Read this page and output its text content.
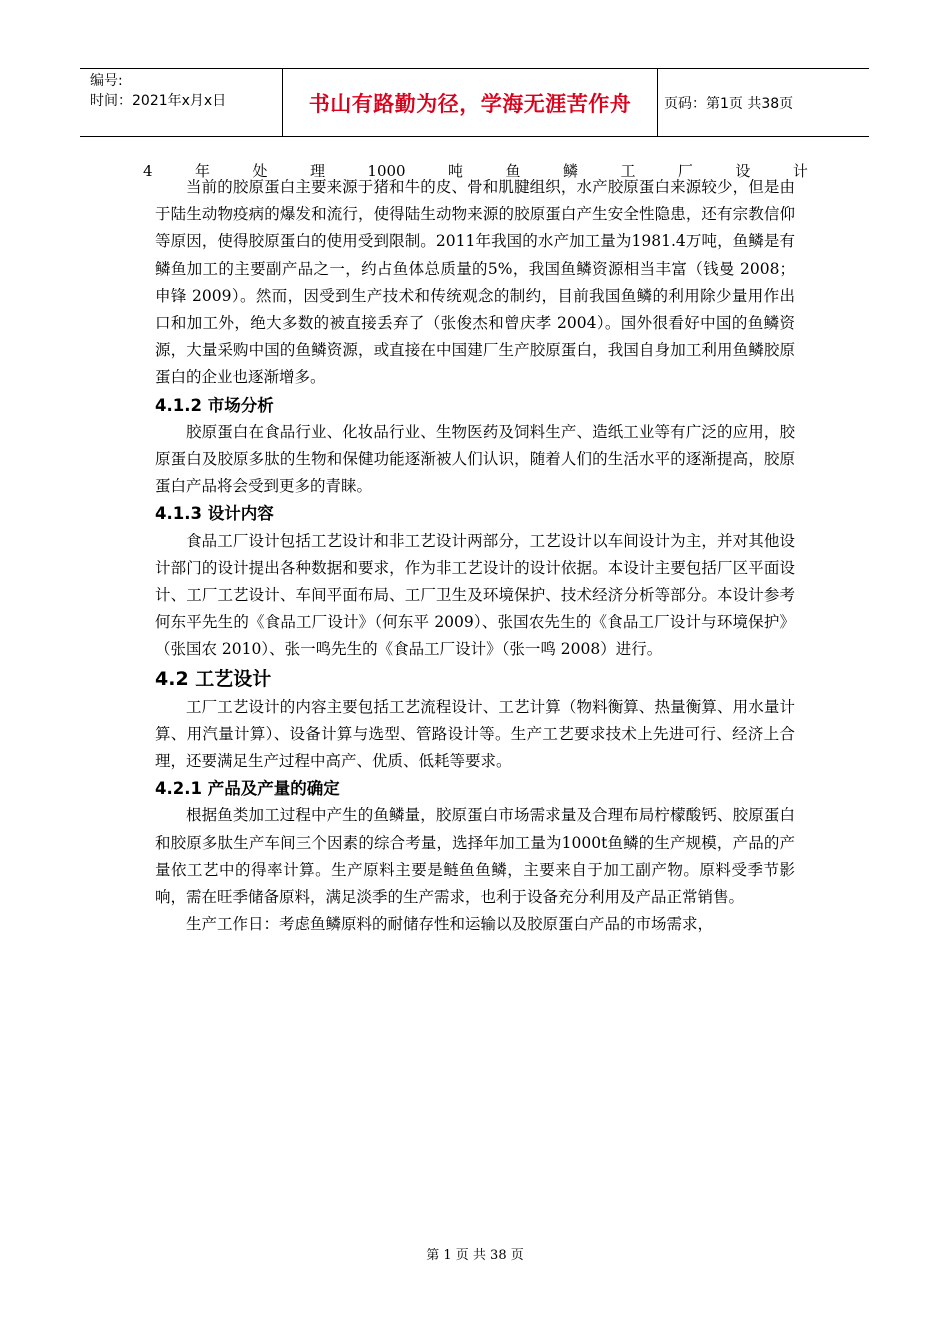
编号:
时间：2021年x月x日	书山有路勤为径，学海无涯苦作舟	页码：第1页 共38页
4	年	处	理	1000	吨	鱼	鳞	工	厂	设	计

当前的胶原蛋白主要来源于猪和牛的皮、骨和肌腱组织，水产胶原蛋白来源较少，但是由于陆生动物疫病的爆发和流行，使得陆生动物来源的胶原蛋白产生安全性隐患，还有宗教信仰等原因，使得胶原蛋白的使用受到限制。2011年我国的水产加工量为1981.4万吨，鱼鳞是有鳞鱼加工的主要副产品之一，约占鱼体总质量的5%，我国鱼鳞资源相当丰富（钱曼 2008；申锋 2009）。然而，因受到生产技术和传统观念的制约，目前我国鱼鳞的利用除少量用作出口和加工外，绝大多数的被直接丢弃了（张俊杰和曾庆孝 2004）。国外很看好中国的鱼鳞资源，大量采购中国的鱼鳞资源，或直接在中国建厂生产胶原蛋白，我国自身加工利用鱼鳞胶原蛋白的企业也逐渐增多。

4.1.2 市场分析

胶原蛋白在食品行业、化妆品行业、生物医药及饲料生产、造纸工业等有广泛的应用，胶原蛋白及胶原多肽的生物和保健功能逐渐被人们认识，随着人们的生活水平的逐渐提高，胶原蛋白产品将会受到更多的青睐。

4.1.3 设计内容

食品工厂设计包括工艺设计和非工艺设计两部分，工艺设计以车间设计为主，并对其他设计部门的设计提出各种数据和要求，作为非工艺设计的设计依据。本设计主要包括厂区平面设计、工厂工艺设计、车间平面布局、工厂卫生及环境保护、技术经济分析等部分。本设计参考何东平先生的《食品工厂设计》（何东平 2009）、张国农先生的《食品工厂设计与环境保护》（张国农 2010）、张一鸣先生的《食品工厂设计》（张一鸣 2008）进行。

4.2 工艺设计

工厂工艺设计的内容主要包括工艺流程设计、工艺计算（物料衡算、热量衡算、用水量计算、用汽量计算）、设备计算与选型、管路设计等。生产工艺要求技术上先进可行、经济上合理，还要满足生产过程中高产、优质、低耗等要求。

4.2.1 产品及产量的确定

根据鱼类加工过程中产生的鱼鳞量，胶原蛋白市场需求量及合理布局柠檬酸钙、胶原蛋白和胶原多肽生产车间三个因素的综合考量，选择年加工量为1000t鱼鳞的生产规模，产品的产量依工艺中的得率计算。生产原料主要是鲢鱼鱼鳞，主要来自于加工副产物。原料受季节影响，需在旺季储备原料，满足淡季的生产需求，也利于设备充分利用及产品正常销售。

生产工作日：考虑鱼鳞原料的耐储存性和运输以及胶原蛋白产品的市场需求，

第 1 页 共 38 页
